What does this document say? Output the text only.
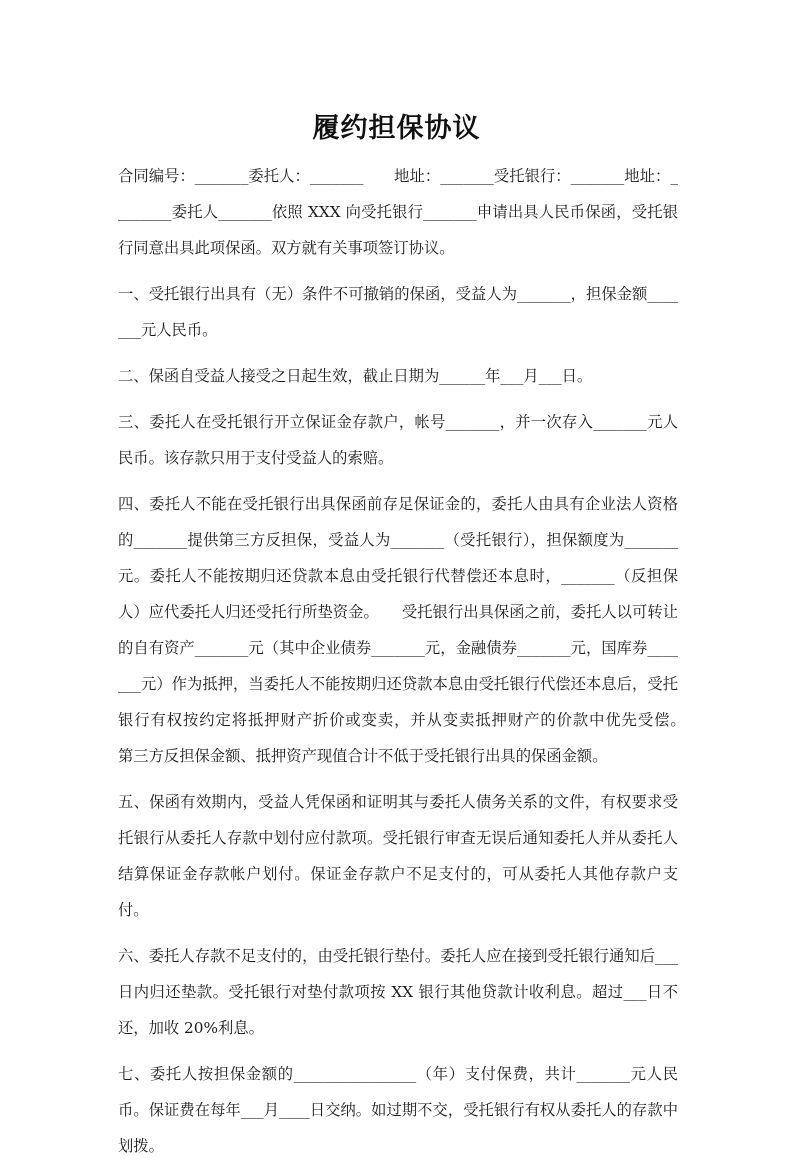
履约担保协议

合同编号：_______委托人：_______　　地址：_______受托银行：_______地址：________委托人_______依照 XXX 向受托银行_______申请出具人民币保函，受托银行同意出具此项保函。双方就有关事项签订协议。

一、受托银行出具有（无）条件不可撤销的保函，受益人为_______，担保金额_______元人民币。

二、保函自受益人接受之日起生效，截止日期为______年___月___日。

三、委托人在受托银行开立保证金存款户，帐号_______，并一次存入_______元人民币。该存款只用于支付受益人的索赔。

四、委托人不能在受托银行出具保函前存足保证金的，委托人由具有企业法人资格的_______提供第三方反担保，受益人为_______（受托银行），担保额度为_______元。委托人不能按期归还贷款本息由受托银行代替偿还本息时，_______（反担保人）应代委托人归还受托行所垫资金。　　受托银行出具保函之前，委托人以可转让的自有资产_______元（其中企业债券_______元，金融债券_______元，国库券_______元）作为抵押，当委托人不能按期归还贷款本息由受托银行代偿还本息后，受托银行有权按约定将抵押财产折价或变卖，并从变卖抵押财产的价款中优先受偿。　　第三方反担保金额、抵押资产现值合计不低于受托银行出具的保函金额。

五、保函有效期内，受益人凭保函和证明其与委托人债务关系的文件，有权要求受托银行从委托人存款中划付应付款项。受托银行审查无误后通知委托人并从委托人结算保证金存款帐户划付。保证金存款户不足支付的，可从委托人其他存款户支付。

六、委托人存款不足支付的，由受托银行垫付。委托人应在接到受托银行通知后___日内归还垫款。受托银行对垫付款项按 XX 银行其他贷款计收利息。超过___日不还，加收 20%利息。

七、委托人按担保金额的________________（年）支付保费，共计_______元人民币。保证费在每年___月____日交纳。如过期不交，受托银行有权从委托人的存款中划拨。
